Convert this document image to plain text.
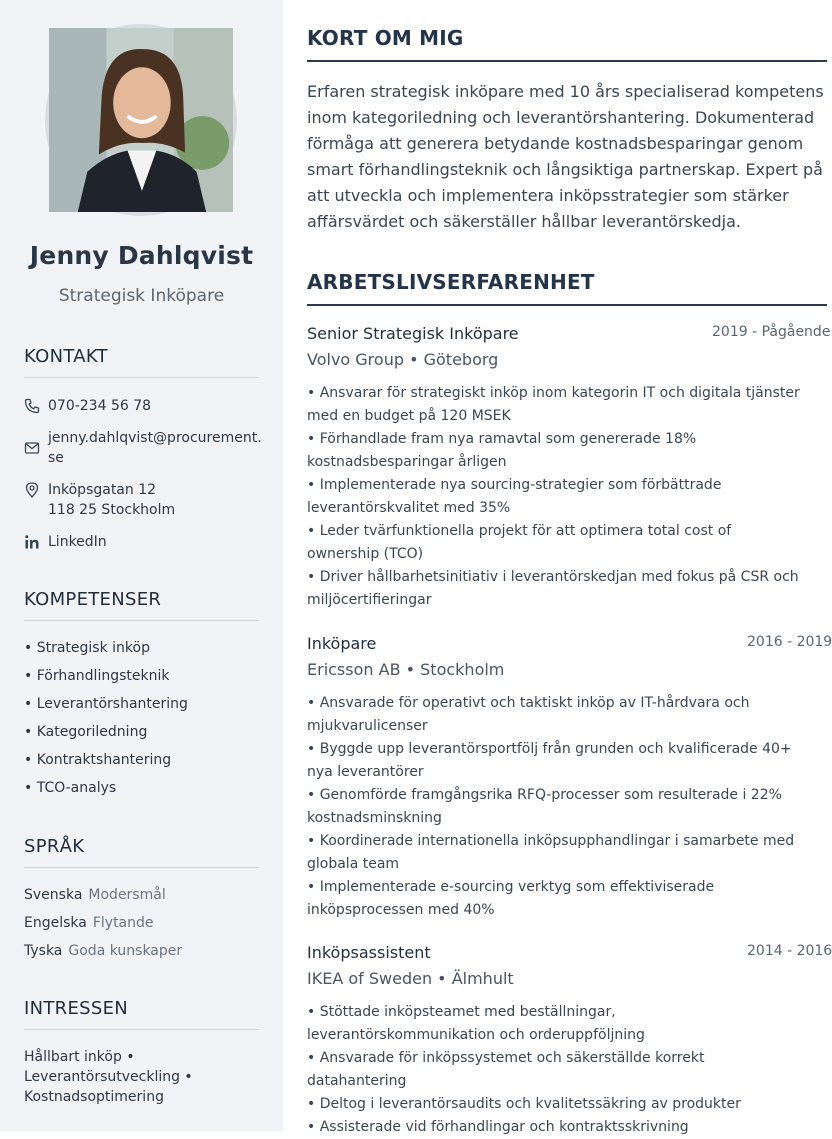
Jenny Dahlqvist
Strategisk Inköpare
KONTAKT
070-234 56 78
jenny.dahlqvist@procurement.
se
Inköpsgatan 12
118 25 Stockholm
LinkedIn
KOMPETENSER
• Strategisk inköp
• Förhandlingsteknik
• Leverantörshantering
• Kategoriledning
• Kontraktshantering
• TCO-analys
SPRÅK
Svenska Modersmål
Engelska Flytande
Tyska Goda kunskaper
INTRESSEN
Hållbart inköp •
Leverantörsutveckling •
Kostnadsoptimering
KORT OM MIG
Erfaren strategisk inköpare med 10 års specialiserad kompetens inom kategoriledning och leverantörshantering. Dokumenterad förmåga att generera betydande kostnadsbesparingar genom smart förhandlingsteknik och långsiktiga partnerskap. Expert på att utveckla och implementera inköpsstrategier som stärker affärsvärdet och säkerställer hållbar leverantörskedja.
ARBETSLIVSERFARENHET
Senior Strategisk Inköpare	2019 - Pågående
Volvo Group • Göteborg
• Ansvarar för strategiskt inköp inom kategorin IT och digitala tjänster med en budget på 120 MSEK
• Förhandlade fram nya ramavtal som genererade 18% kostnadsbesparingar årligen
• Implementerade nya sourcing-strategier som förbättrade leverantörskvalitet med 35%
• Leder tvärfunktionella projekt för att optimera total cost of ownership (TCO)
• Driver hållbarhetsinitiativ i leverantörskedjan med fokus på CSR och miljöcertifieringar
Inköpare	2016 - 2019
Ericsson AB • Stockholm
• Ansvarade för operativt och taktiskt inköp av IT-hårdvara och mjukvarulicenser
• Byggde upp leverantörsportfölj från grunden och kvalificerade 40+ nya leverantörer
• Genomförde framgångsrika RFQ-processer som resulterade i 22% kostnadsminskning
• Koordinerade internationella inköpsupphandlingar i samarbete med globala team
• Implementerade e-sourcing verktyg som effektiviserade inköpsprocessen med 40%
Inköpsassistent	2014 - 2016
IKEA of Sweden • Älmhult
• Stöttade inköpsteamet med beställningar, leverantörskommunikation och orderuppföljning
• Ansvarade för inköpssystemet och säkerställde korrekt datahantering
• Deltog i leverantörsaudits och kvalitetssäkring av produkter
• Assisterade vid förhandlingar och kontraktsskrivning
